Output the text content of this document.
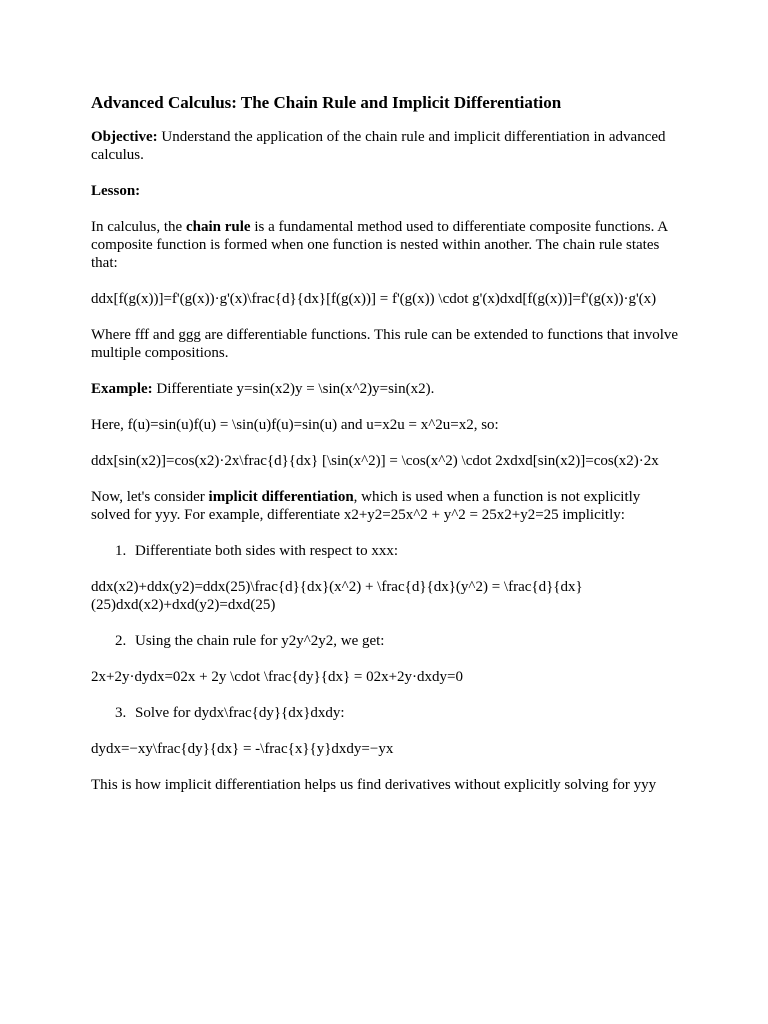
Advanced Calculus: The Chain Rule and Implicit Differentiation

Objective: Understand the application of the chain rule and implicit differentiation in advanced calculus.

Lesson:

In calculus, the chain rule is a fundamental method used to differentiate composite functions. A composite function is formed when one function is nested within another. The chain rule states that:

ddx[f(g(x))]=f'(g(x))·g'(x)\frac{d}{dx}[f(g(x))] = f'(g(x)) \cdot g'(x)dxd[f(g(x))]=f'(g(x))·g'(x)

Where fff and ggg are differentiable functions. This rule can be extended to functions that involve multiple compositions.

Example: Differentiate y=sin(x2)y = \sin(x^2)y=sin(x2).

Here, f(u)=sin(u)f(u) = \sin(u)f(u)=sin(u) and u=x2u = x^2u=x2, so:

ddx[sin(x2)]=cos(x2)·2x\frac{d}{dx} [\sin(x^2)] = \cos(x^2) \cdot 2xdxd[sin(x2)]=cos(x2)·2x

Now, let's consider implicit differentiation, which is used when a function is not explicitly solved for yyy. For example, differentiate x2+y2=25x^2 + y^2 = 25x2+y2=25 implicitly:

1. Differentiate both sides with respect to xxx:

ddx(x2)+ddx(y2)=ddx(25)\frac{d}{dx}(x^2) + \frac{d}{dx}(y^2) = \frac{d}{dx}(25)dxd(x2)+dxd(y2)=dxd(25)

2. Using the chain rule for y2y^2y2, we get:

2x+2y·dydx=02x + 2y \cdot \frac{dy}{dx} = 02x+2y·dxdy=0

3. Solve for dydx\frac{dy}{dx}dxdy:

dydx=−xy\frac{dy}{dx} = -\frac{x}{y}dxdy=−yx

This is how implicit differentiation helps us find derivatives without explicitly solving for yyy
